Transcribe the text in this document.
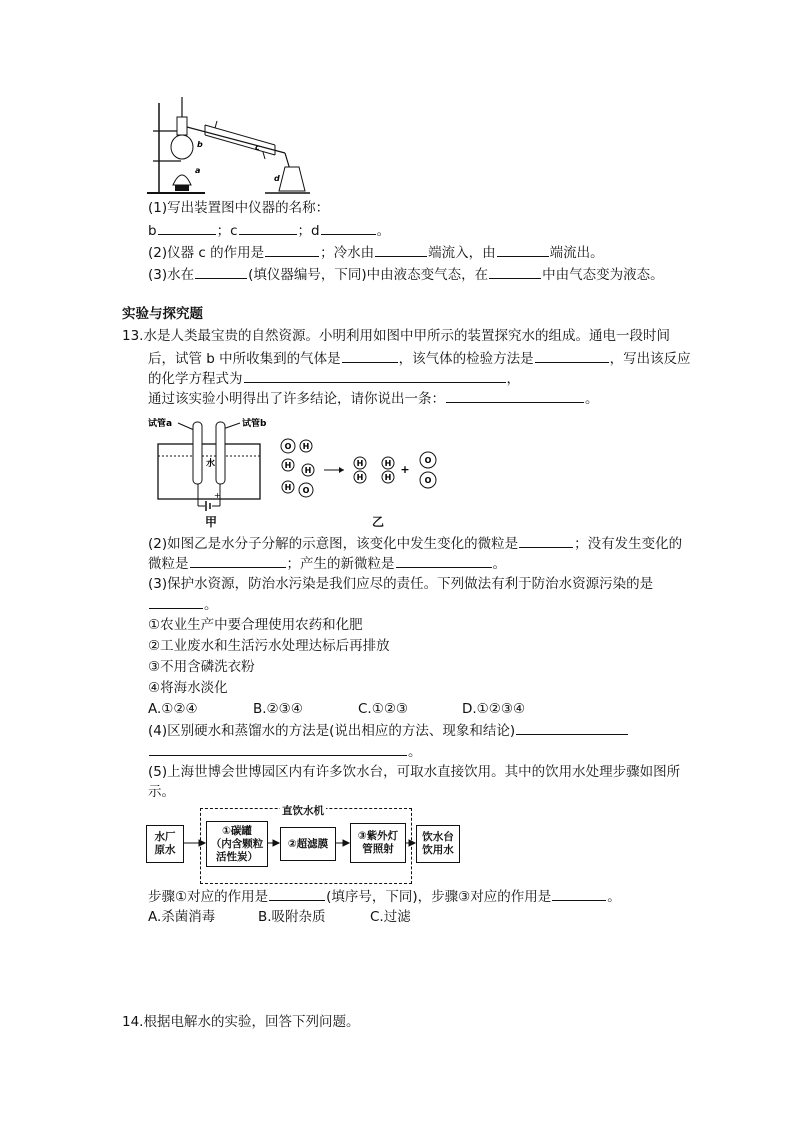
a
b	c
d
(1)写出装置图中仪器的名称：
b	；c	；d	。
(2)仪器 c 的作用是	；冷水由	端流入，由	端流出。
(3)水在	(填仪器编号，下同)中由液态变气态，在	中由气态变为液态。
实验与探究题
13.水是人类最宝贵的自然资源。小明利用如图中甲所示的装置探究水的组成。通电一段时间
后，试管 b 中所收集到的气体是	，该气体的检验方法是	，写出该反应
的化学方程式为	，
通过该实验小明得出了许多结论，请你说出一条：	。
试管a	试管b
水
+
甲
O H
H
H
H O
H
H
H
H
+
O
O
乙
(2)如图乙是水分子分解的示意图，该变化中发生变化的微粒是	；没有发生变化的
微粒是	；产生的新微粒是	。
(3)保护水资源，防治水污染是我们应尽的责任。下列做法有利于防治水资源污染的是
。
①农业生产中要合理使用农药和化肥
②工业废水和生活污水处理达标后再排放
③不用含磷洗衣粉
④将海水淡化
A.①②④	B.②③④	C.①②③	D.①②③④
(4)区别硬水和蒸馏水的方法是(说出相应的方法、现象和结论)
。
(5)上海世博会世博园区内有许多饮水台，可取水直接饮用。其中的饮用水处理步骤如图所
示。
直饮水机
水厂
原水
①碳罐
（内含颗粒
活性炭）
②超滤膜
③紫外灯
管照射
饮水台
饮用水
步骤①对应的作用是	(填序号，下同)，步骤③对应的作用是	。
A.杀菌消毒	B.吸附杂质	C.过滤
14.根据电解水的实验，回答下列问题。
